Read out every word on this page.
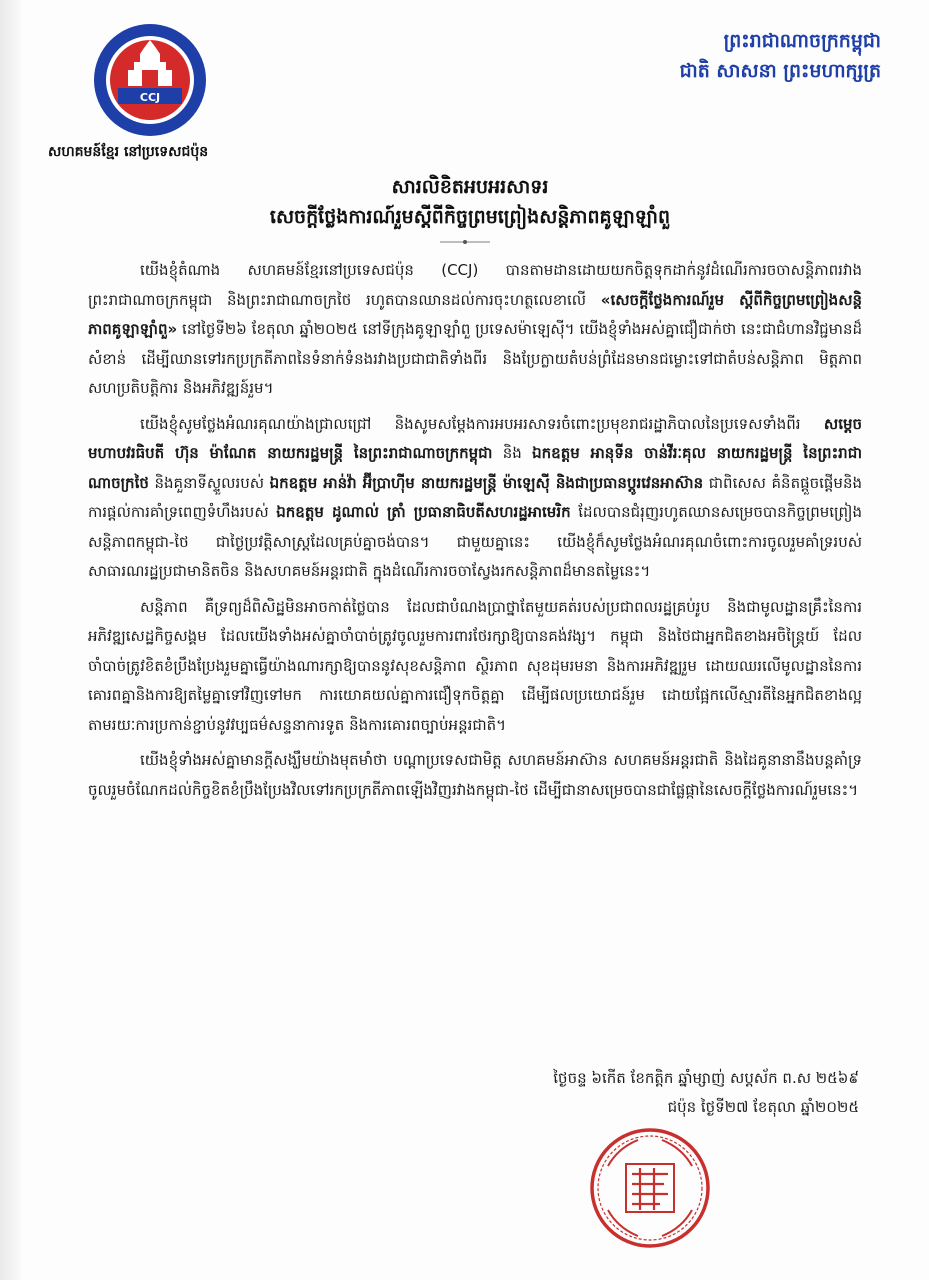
CCJ
សហគមន៍ខ្មែរ នៅប្រទេសជប៉ុន
ព្រះរាជាណាចក្រកម្ពុជា
ជាតិ សាសនា ព្រះមហាក្សត្រ
សារលិខិតអបអរសាទរ
សេចក្តីថ្លែងការណ៍រួមស្តីពីកិច្ចព្រមព្រៀងសន្តិភាពគូឡាឡាំពួ

យើងខ្ញុំតំណាង សហគមន៍ខ្មែរនៅប្រទេសជប៉ុន (CCJ) បានតាមដានដោយយកចិត្តទុកដាក់នូវដំណើរការចចាសន្តិភាពរវាងព្រះរាជាណាចក្រកម្ពុជា និងព្រះរាជាណាចក្រថៃ រហូតបានឈានដល់ការចុះហត្ថលេខាលើ «សេចក្តីថ្លែងការណ៍រួម ស្តីពីកិច្ចព្រមព្រៀងសន្តិភាពគូឡាឡាំពួ» នៅថ្ងៃទី២៦ ខែតុលា ឆ្នាំ២០២៥ នៅទីក្រុងគូឡាឡាំពួ ប្រទេសម៉ាឡេស៊ី។ យើងខ្ញុំទាំងអស់គ្នាជឿជាក់ថា នេះជាជំហានវិជ្ជមានដ៏សំខាន់ ដើម្បីឈានទៅរកប្រក្រតីភាពនៃទំនាក់ទំនងរវាងប្រជាជាតិទាំងពីរ និងប្រែក្លាយតំបន់ព្រំដែនមានជម្លោះទៅជាតំបន់សន្តិភាព មិត្តភាព សហប្រតិបត្តិការ និងអភិវឌ្ឍន៍រួម។

យើងខ្ញុំសូមថ្លែងអំណរគុណយ៉ាងជ្រាលជ្រៅ និងសូមសម្តែងការអបអរសាទរចំពោះប្រមុខរាជរដ្ឋាភិបាលនៃប្រទេសទាំងពីរ សម្តេចមហាបវរធិបតី ហ៊ុន ម៉ាណែត នាយករដ្ឋមន្ត្រី នៃព្រះរាជាណាចក្រកម្ពុជា និង ឯកឧត្តម អានុទីន ចាន់វីរៈគុល នាយករដ្ឋមន្ត្រី នៃព្រះរាជាណាចក្រថៃ និងគួនាទីស្ទួលរបស់ ឯកឧត្តម អាន់វ៉ា អ៊ីប្រាហ៊ីម នាយករដ្ឋមន្ត្រី ម៉ាឡេស៊ី និងជាប្រធានប្តូរវេនអាស៊ាន ជាពិសេស គំនិតផ្តួចផ្តើមនិងការផ្តល់ការគាំទ្រពេញទំហឹងរបស់ ឯកឧត្តម ដូណាល់ ត្រាំ ប្រធានាធិបតីសហរដ្ឋអាមេរិក ដែលបានជំរុញរហូតឈានសម្រេចបានកិច្ចព្រមព្រៀងសន្តិភាពកម្ពុជា-ថៃ ជាថ្ងៃប្រវត្តិសាស្ត្រដែលគ្រប់គ្នាចង់បាន។ ជាមួយគ្នានេះ យើងខ្ញុំក៏សូមថ្លែងអំណរគុណចំពោះការចូលរួមគាំទ្ររបស់សាធារណរដ្ឋប្រជាមានិតចិន និងសហគមន៍អន្តរជាតិ ក្នុងដំណើរការចចាស្វែងរកសន្តិភាពដ៏មានតម្លៃនេះ។

សន្តិភាព គឺទ្រព្យដ៏ពិសិដ្ឋមិនអាចកាត់ថ្លៃបាន ដែលជាបំណងប្រាថ្នាតែមួយគត់របស់ប្រជាពលរដ្ឋគ្រប់រូប និងជាមូលដ្ឋានគ្រឹះនៃការអភិវឌ្ឍសេដ្ឋកិច្ចសង្គម ដែលយើងទាំងអស់គ្នាចាំបាច់ត្រូវចូលរួមការពារថែរក្សាឱ្យបានគង់វង្ស។ កម្ពុជា និងថៃជាអ្នកជិតខាងអចិន្ត្រៃយ៍ ដែលចាំបាច់ត្រូវខិតខំប្រឹងប្រែងរួមគ្នាធ្វើយ៉ាងណារក្សាឱ្យបាននូវសុខសន្តិភាព ស្ថិរភាព សុខដុមរមនា និងការអភិវឌ្ឍរួម ដោយឈរលើមូលដ្ឋាននៃការគោរពគ្នានិងការឱ្យតម្លៃគ្នាទៅវិញទៅមក ការយោគយល់គ្នាការជឿទុកចិត្តគ្នា ដើម្បីផលប្រយោជន៍រួម ដោយផ្អែកលើស្មារតីនៃអ្នកជិតខាងល្អ តាមរយៈការប្រកាន់ខ្ជាប់នូវវប្បធម៌សន្ទនាការទូត និងការគោរពច្បាប់អន្តរជាតិ។

យើងខ្ញុំទាំងអស់គ្នាមានក្តីសង្ឃឹមយ៉ាងមុតមាំថា បណ្តាប្រទេសជាមិត្ត សហគមន៍អាស៊ាន សហគមន៍អន្តរជាតិ និងដៃគូនានានឹងបន្តគាំទ្រចូលរួមចំណែកដល់កិច្ចខិតខំប្រឹងប្រែងវិលទៅរកប្រក្រតីភាពឡើងវិញរវាងកម្ពុជា-ថៃ ដើម្បីជានាសម្រេចបានជាផ្លែផ្កានៃសេចក្តីថ្លែងការណ៍រួមនេះ។

ថ្ងៃចន្ទ ៦កើត ខែកត្តិក ឆ្នាំម្សាញ់ សប្តស័ក ព.ស ២៥៦៩
ជប៉ុន ថ្ងៃទី២៧ ខែតុលា ឆ្នាំ២០២៥
